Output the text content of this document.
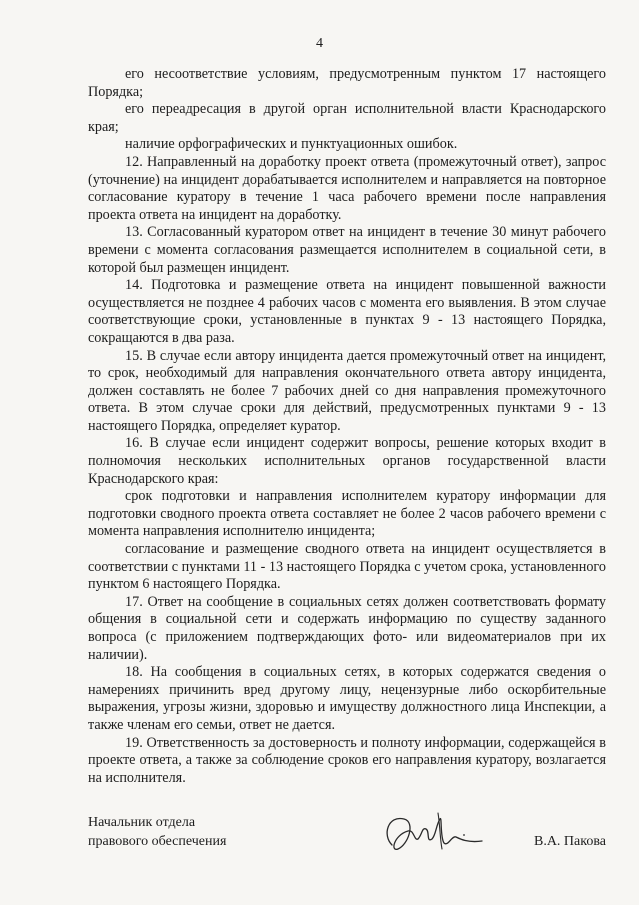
4

его несоответствие условиям, предусмотренным пунктом 17 настоящего Порядка;

его переадресация в другой орган исполнительной власти Краснодарского края;

наличие орфографических и пунктуационных ошибок.

12. Направленный на доработку проект ответа (промежуточный ответ), запрос (уточнение) на инцидент дорабатывается исполнителем и направляется на повторное согласование куратору в течение 1 часа рабочего времени после направления проекта ответа на инцидент на доработку.

13. Согласованный куратором ответ на инцидент в течение 30 минут рабочего времени с момента согласования размещается исполнителем в социальной сети, в которой был размещен инцидент.

14. Подготовка и размещение ответа на инцидент повышенной важности осуществляется не позднее 4 рабочих часов с момента его выявления. В этом случае соответствующие сроки, установленные в пунктах 9 - 13 настоящего Порядка, сокращаются в два раза.

15. В случае если автору инцидента дается промежуточный ответ на инцидент, то срок, необходимый для направления окончательного ответа автору инцидента, должен составлять не более 7 рабочих дней со дня направления промежуточного ответа. В этом случае сроки для действий, предусмотренных пунктами 9 - 13 настоящего Порядка, определяет куратор.

16. В случае если инцидент содержит вопросы, решение которых входит в полномочия нескольких исполнительных органов государственной власти Краснодарского края:

срок подготовки и направления исполнителем куратору информации для подготовки сводного проекта ответа составляет не более 2 часов рабочего времени с момента направления исполнителю инцидента;

согласование и размещение сводного ответа на инцидент осуществляется в соответствии с пунктами 11 - 13 настоящего Порядка с учетом срока, установленного пунктом 6 настоящего Порядка.

17. Ответ на сообщение в социальных сетях должен соответствовать формату общения в социальной сети и содержать информацию по существу заданного вопроса (с приложением подтверждающих фото- или видеоматериалов при их наличии).

18. На сообщения в социальных сетях, в которых содержатся сведения о намерениях причинить вред другому лицу, нецензурные либо оскорбительные выражения, угрозы жизни, здоровью и имуществу должностного лица Инспекции, а также членам его семьи, ответ не дается.

19. Ответственность за достоверность и полноту информации, содержащейся в проекте ответа, а также за соблюдение сроков его направления куратору, возлагается на исполнителя.

Начальник отдела
правового обеспечения	В.А. Пакова
